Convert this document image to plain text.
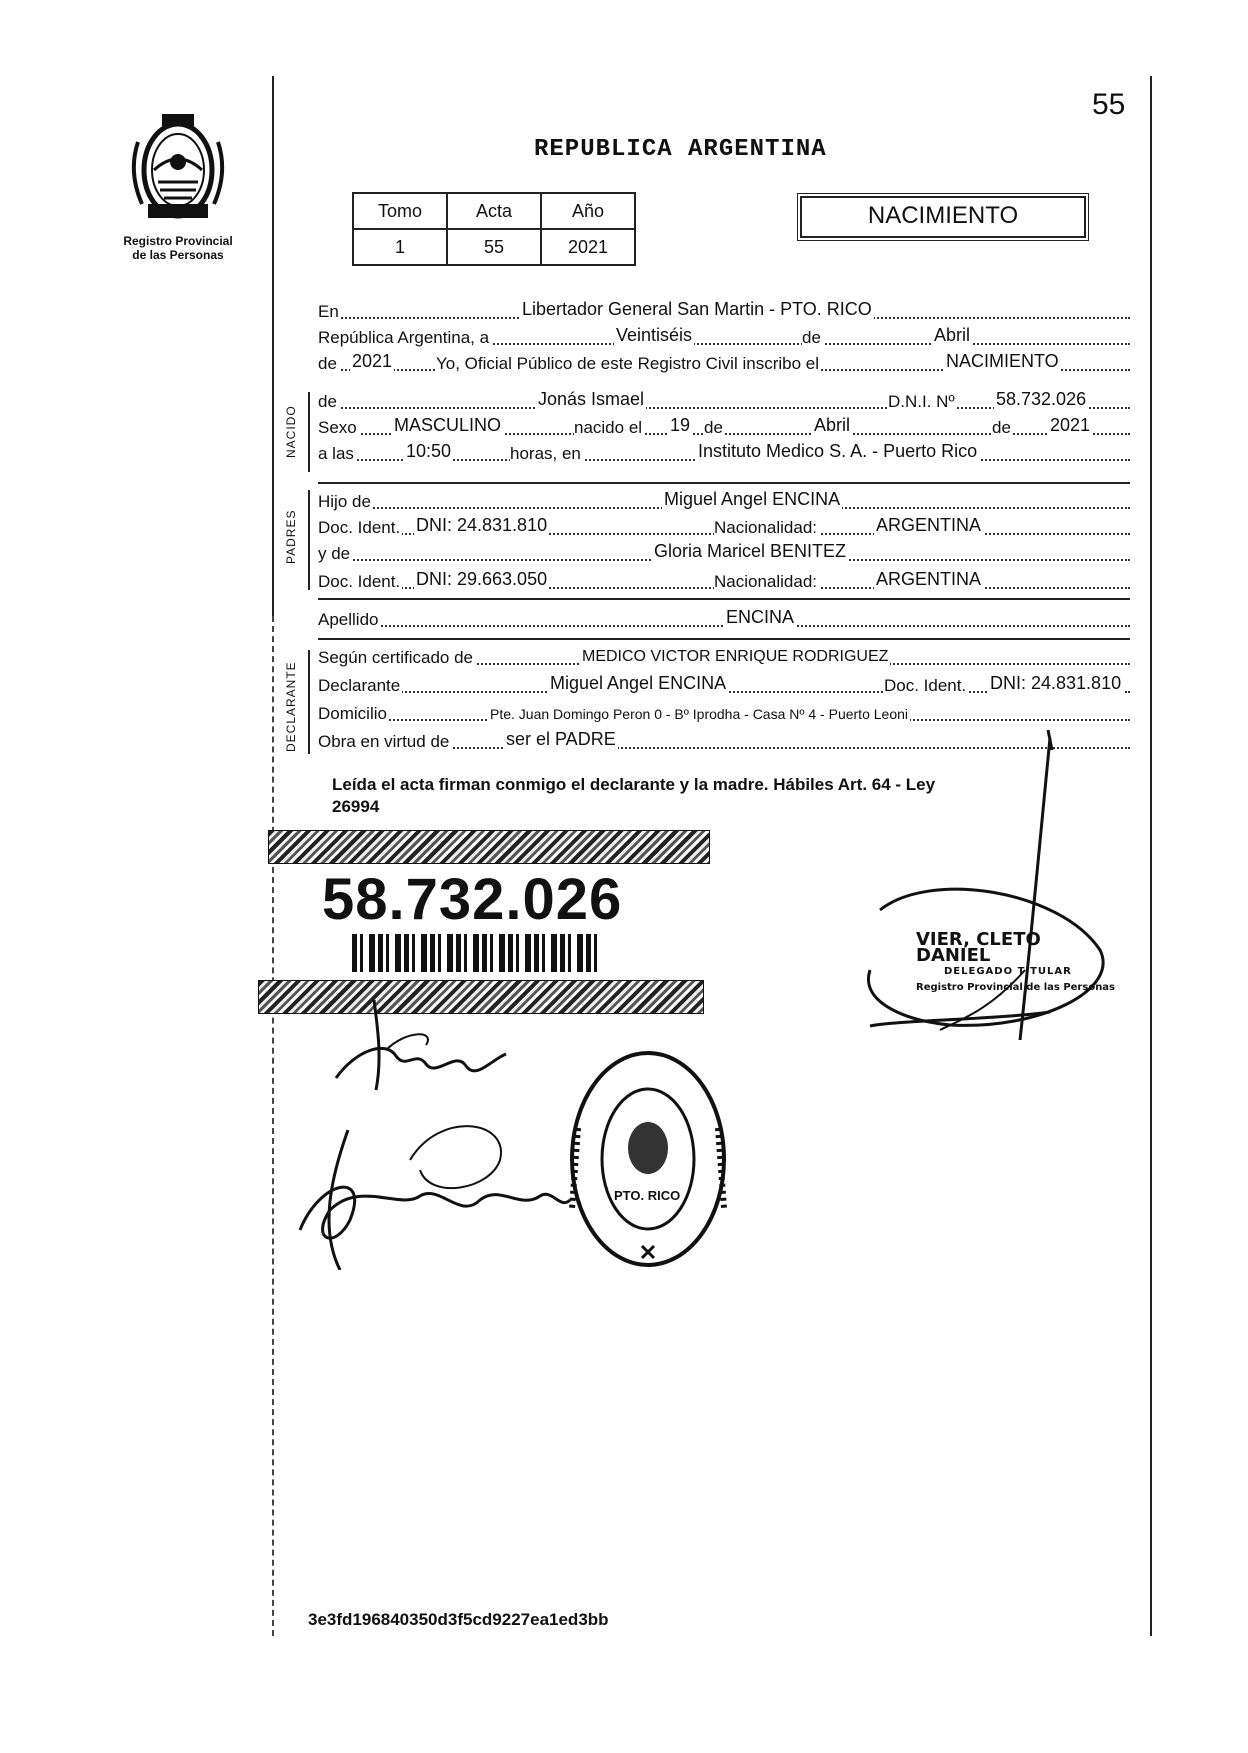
55
Registro Provincial
de las Personas
REPUBLICA ARGENTINA
Tomo	Acta	Año
1	55	2021
NACIMIENTO
En	Libertador General San Martin - PTO. RICO
República Argentina, a	Veintiséis	de	Abril
de 2021	Yo, Oficial Público de este Registro Civil inscribo el	NACIMIENTO
NACIDO
de	Jonás Ismael	D.N.I. Nº 58.732.026
Sexo MASCULINO	nacido el 19 de	Abril	de 2021
a las	10:50	horas, en	Instituto Medico S. A. - Puerto Rico
PADRES
Hijo de	Miguel Angel ENCINA
Doc. Ident. DNI: 24.831.810	Nacionalidad:	ARGENTINA
y de	Gloria Maricel BENITEZ
Doc. Ident. DNI: 29.663.050	Nacionalidad:	ARGENTINA
Apellido	ENCINA
DECLARANTE
Según certificado de	MEDICO VICTOR ENRIQUE RODRIGUEZ
Declarante	Miguel Angel ENCINA	Doc. Ident. DNI: 24.831.810
Domicilio	Pte. Juan Domingo Peron 0 - Bº Iprodha - Casa Nº 4 - Puerto Leoni
Obra en virtud de	ser el PADRE
Leída el acta firman conmigo el declarante y la madre. Hábiles Art. 64 - Ley
26994
58.732.026
VIER, CLETO DANIEL
DELEGADO TITULAR
Registro Provincial de las Personas
PTO. RICO
3e3fd196840350d3f5cd9227ea1ed3bb
